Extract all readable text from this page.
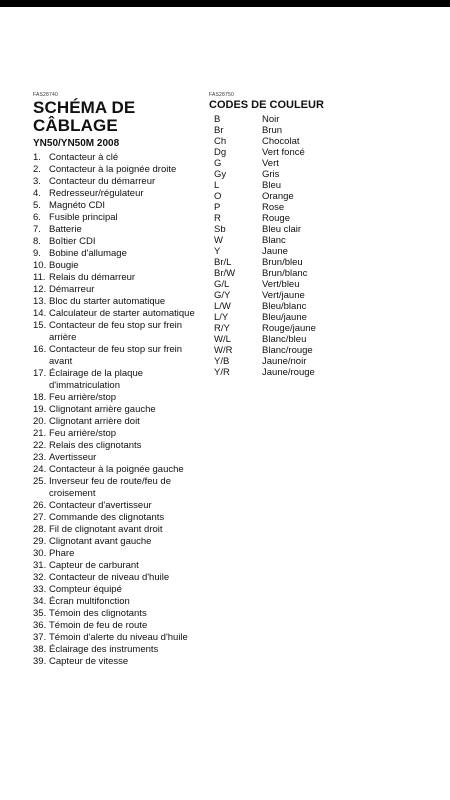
FAS28740
SCHÉMA DE
CÂBLAGE
YN50/YN50M 2008
1. Contacteur à clé
2. Contacteur à la poignée droite
3. Contacteur du démarreur
4. Redresseur/régulateur
5. Magnéto CDI
6. Fusible principal
7. Batterie
8. Boîtier CDI
9. Bobine d'allumage
10. Bougie
11. Relais du démarreur
12. Démarreur
13. Bloc du starter automatique
14. Calculateur de starter automatique
15. Contacteur de feu stop sur frein arrière
16. Contacteur de feu stop sur frein avant
17. Éclairage de la plaque d'immatriculation
18. Feu arrière/stop
19. Clignotant arrière gauche
20. Clignotant arrière doit
21. Feu arrière/stop
22. Relais des clignotants
23. Avertisseur
24. Contacteur à la poignée gauche
25. Inverseur feu de route/feu de croisement
26. Contacteur d'avertisseur
27. Commande des clignotants
28. Fil de clignotant avant droit
29. Clignotant avant gauche
30. Phare
31. Capteur de carburant
32. Contacteur de niveau d'huile
33. Compteur équipé
34. Écran multifonction
35. Témoin des clignotants
36. Témoin de feu de route
37. Témoin d'alerte du niveau d'huile
38. Éclairage des instruments
39. Capteur de vitesse
FAS28750
CODES DE COULEUR
B	Noir
Br	Brun
Ch	Chocolat
Dg	Vert foncé
G	Vert
Gy	Gris
L	Bleu
O	Orange
P	Rose
R	Rouge
Sb	Bleu clair
W	Blanc
Y	Jaune
Br/L	Brun/bleu
Br/W	Brun/blanc
G/L	Vert/bleu
G/Y	Vert/jaune
L/W	Bleu/blanc
L/Y	Bleu/jaune
R/Y	Rouge/jaune
W/L	Blanc/bleu
W/R	Blanc/rouge
Y/B	Jaune/noir
Y/R	Jaune/rouge
